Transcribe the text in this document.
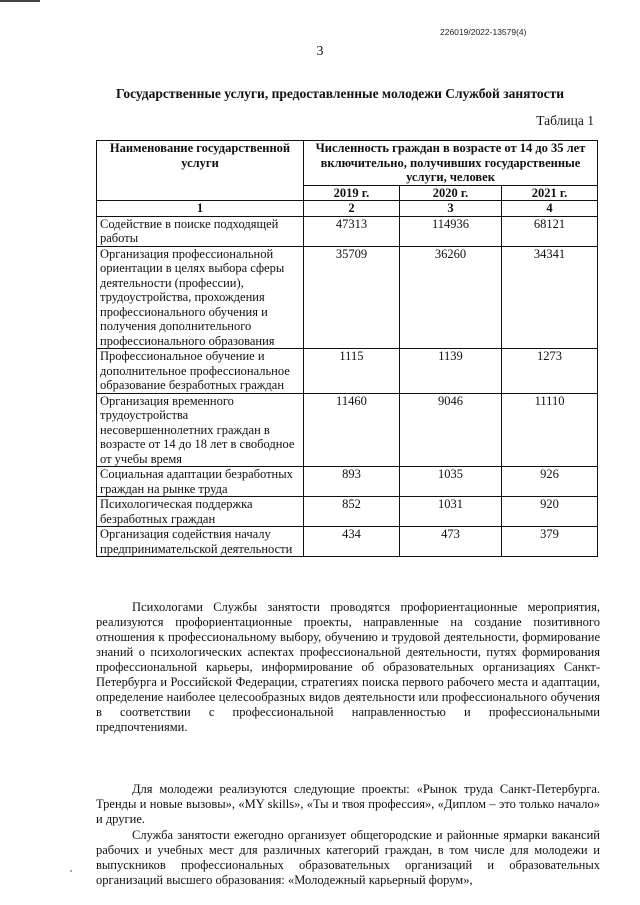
226019/2022-13579(4)
3
Государственные услуги, предоставленные молодежи Службой занятости
Таблица 1
Наименование государственной услуги	Численность граждан в возрасте от 14 до 35 лет включительно, получивших государственные услуги, человек		
	2019 г.	2020 г.	2021 г.
1	2	3	4
Содействие в поиске подходящей работы	47313	114936	68121
Организация профессиональной ориентации в целях выбора сферы деятельности (профессии), трудоустройства, прохождения профессионального обучения и получения дополнительного профессионального образования	35709	36260	34341
Профессиональное обучение и дополнительное профессиональное образование безработных граждан	1115	1139	1273
Организация временного трудоустройства несовершеннолетних граждан в возрасте от 14 до 18 лет в свободное от учебы время	11460	9046	11110
Социальная адаптации безработных граждан на рынке труда	893	1035	926
Психологическая поддержка безработных граждан	852	1031	920
Организация содействия началу предпринимательской деятельности	434	473	379

Психологами Службы занятости проводятся профориентационные мероприятия, реализуются профориентационные проекты, направленные на создание позитивного отношения к профессиональному выбору, обучению и трудовой деятельности, формирование знаний о психологических аспектах профессиональной деятельности, путях формирования профессиональной карьеры, информирование об образовательных организациях Санкт-Петербурга и Российской Федерации, стратегиях поиска первого рабочего места и адаптации, определение наиболее целесообразных видов деятельности или профессионального обучения в соответствии с профессиональной направленностью и профессиональными предпочтениями.

Для молодежи реализуются следующие проекты: «Рынок труда Санкт-Петербурга. Тренды и новые вызовы», «MY skills», «Ты и твоя профессия», «Диплом – это только начало» и другие.

Служба занятости ежегодно организует общегородские и районные ярмарки вакансий рабочих и учебных мест для различных категорий граждан, в том числе для молодежи и выпускников профессиональных образовательных организаций и образовательных организаций высшего образования: «Молодежный карьерный форум»,
